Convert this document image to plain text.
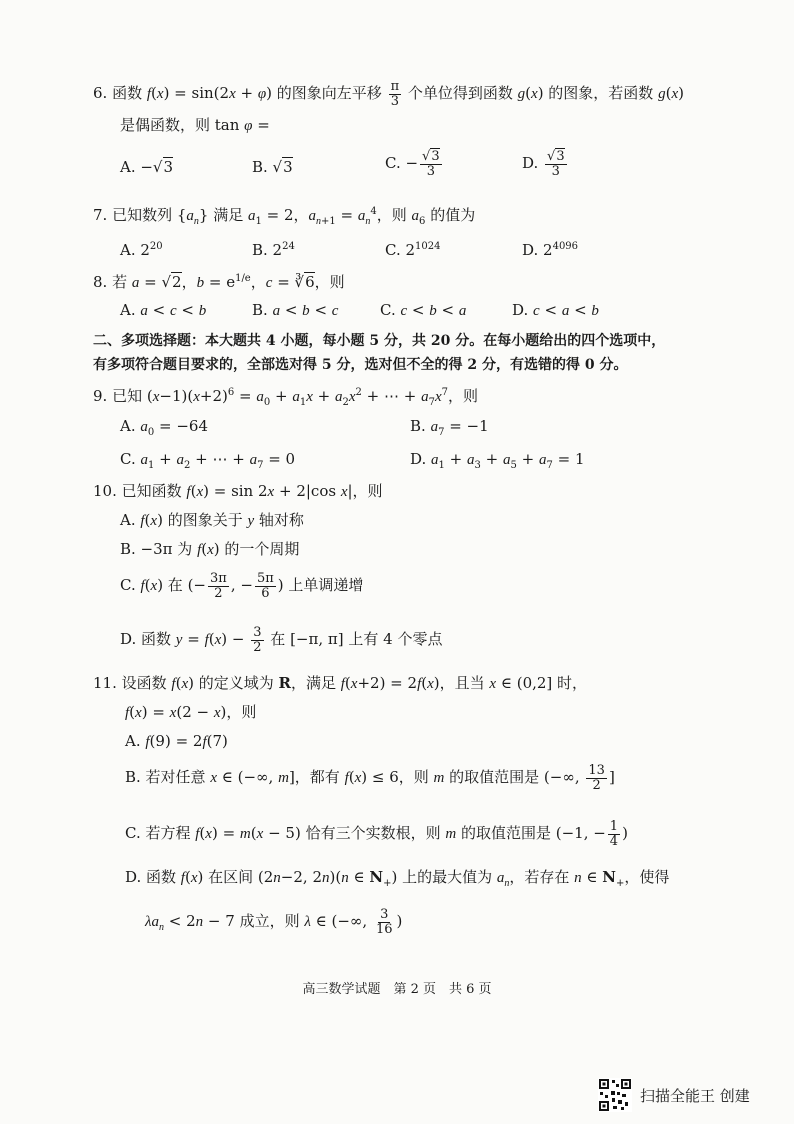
6. 函数 f(x) = sin(2x + φ) 的图象向左平移 $\frac{\pi}{3}$ 个单位得到函数 g(x) 的图象，若函数 g(x)
是偶函数，则 tan φ =
A. −√3	B. √3	C. − $\frac{√3}{3}$	D. $\frac{√3}{3}$
7. 已知数列 $\{a_n\}$ 满足 $a_1 = 2$，$a_{n+1} = a_n^4$，则 $a_6$ 的值为
A. $2^{20}$	B. $2^{24}$	C. $2^{1024}$	D. $2^{4096}$
8. 若 a = √2，$b = e^{1/e}$，c = ∛6，则
A. a < c < b	B. a < b < c	C. c < b < a	D. c < a < b
二、多项选择题：本大题共 4 小题，每小题 5 分，共 20 分。在每小题给出的四个选项中，
有多项符合题目要求的，全部选对得 5 分，选对但不全的得 2 分，有选错的得 0 分。
9. 已知 $(x-1)(x+2)^6 = a_0 + a_1x + a_2x^2$ + ⋯ + $a_7x^7$，则
A. $a_0 = -64$	B. $a_7 = -1$
C. $a_1 + a_2$ + ⋯ + $a_7 = 0$	D. $a_1 + a_3 + a_5 + a_7 = 1$
10. 已知函数 f(x) = sin 2x + 2|cos x|，则
A. f(x) 的图象关于 y 轴对称
B. −3π 为 f(x) 的一个周期
C. f(x) 在 (− $\frac{3\pi}{2}$ , − $\frac{5\pi}{6}$ ) 上单调递增
D. 函数 $y = f(x) - \frac{3}{2}$ 在 [−π, π] 上有 4 个零点
11. 设函数 f(x) 的定义域为 R，满足 f(x+2) = 2f(x)，且当 x ∈ (0,2] 时，
f(x) = x(2 − x)，则
A. f(9) = 2f(7)
B. 若对任意 x ∈ (−∞, m]，都有 f(x) ≤ 6，则 m 的取值范围是 (−∞, $\frac{13}{2}$ ]
C. 若方程 f(x) = m(x − 5) 恰有三个实数根，则 m 的取值范围是 (−1, − $\frac{1}{4}$ )
D. 函数 f(x) 在区间 (2n−2, 2n)(n ∈ $N_+$) 上的最大值为 $a_n$，若存在 n ∈ $N_+$，使得
$\lambda a_n < 2n - 7$ 成立，则 λ ∈ (−∞, $\frac{3}{16}$ )
高三数学试题　第 2 页　共 6 页
扫描全能王 创建
